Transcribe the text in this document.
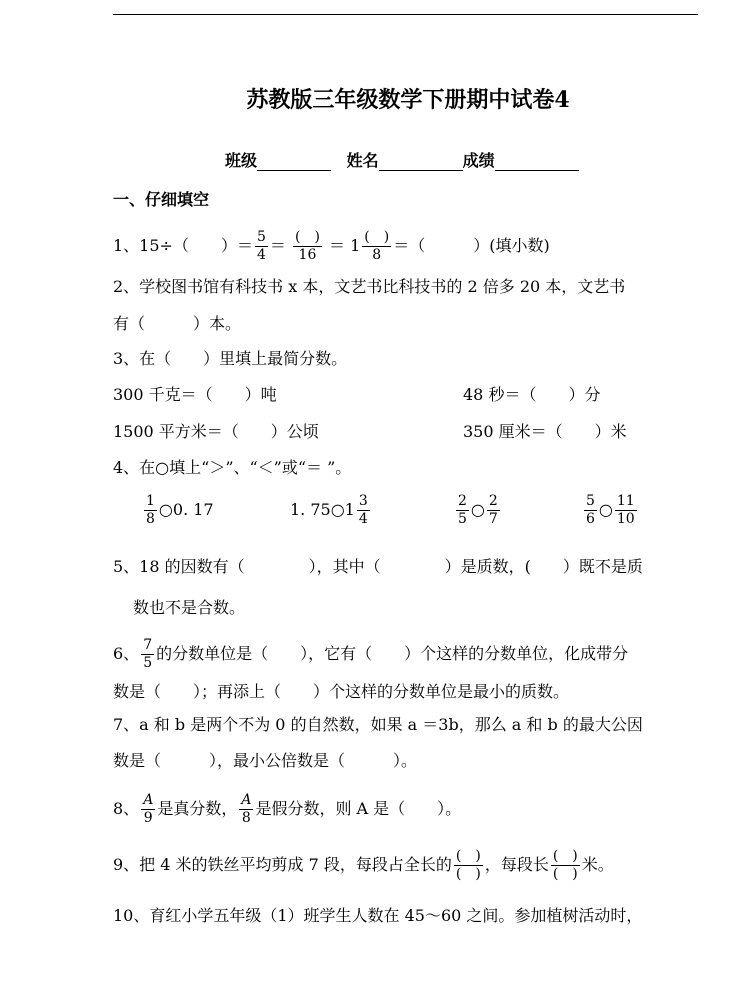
苏教版三年级数学下册期中试卷4
班级	姓名	成绩
一、仔细填空
1、15÷（　　）＝ $\frac{5}{4} = \frac{( )}{16} = 1 \frac{( )}{8}$ ＝（　　　）(填小数)
2、学校图书馆有科技书 x 本，文艺书比科技书的 2 倍多 20 本，文艺书
有（　　　）本。
3、在（　　）里填上最简分数。
300 千克＝（　　）吨	48 秒＝（　　）分
1500 平方米＝（　　）公顷	350 厘米＝（　　）米
4、在○填上“＞”、“＜”或“＝ ”。
$\frac{1}{8}$ ○0. 17	1. 75○1 $\frac{3}{4}$	$\frac{2}{5}$ ○ $\frac{2}{7}$	$\frac{5}{6}$ ○ $\frac{11}{10}$
5、18 的因数有（　　　　），其中（　　　　）是质数，(　　）既不是质
数也不是合数。
6、 $\frac{7}{5}$ 的分数单位是（　　），它有（　　）个这样的分数单位，化成带分
数是（　　）；再添上（　　）个这样的分数单位是最小的质数。
7、a 和 b 是两个不为 0 的自然数，如果 a ＝3b，那么 a 和 b 的最大公因
数是（　　　），最小公倍数是（　　　）。
8、 $\frac{A}{9}$ 是真分数， $\frac{A}{8}$ 是假分数，则 A 是（　　）。
9、把 4 米的铁丝平均剪成 7 段，每段占全长的 $\frac{( )}{( )}$ ，每段长 $\frac{( )}{( )}$ 米。
10、育红小学五年级（1）班学生人数在 45～60 之间。参加植树活动时，
